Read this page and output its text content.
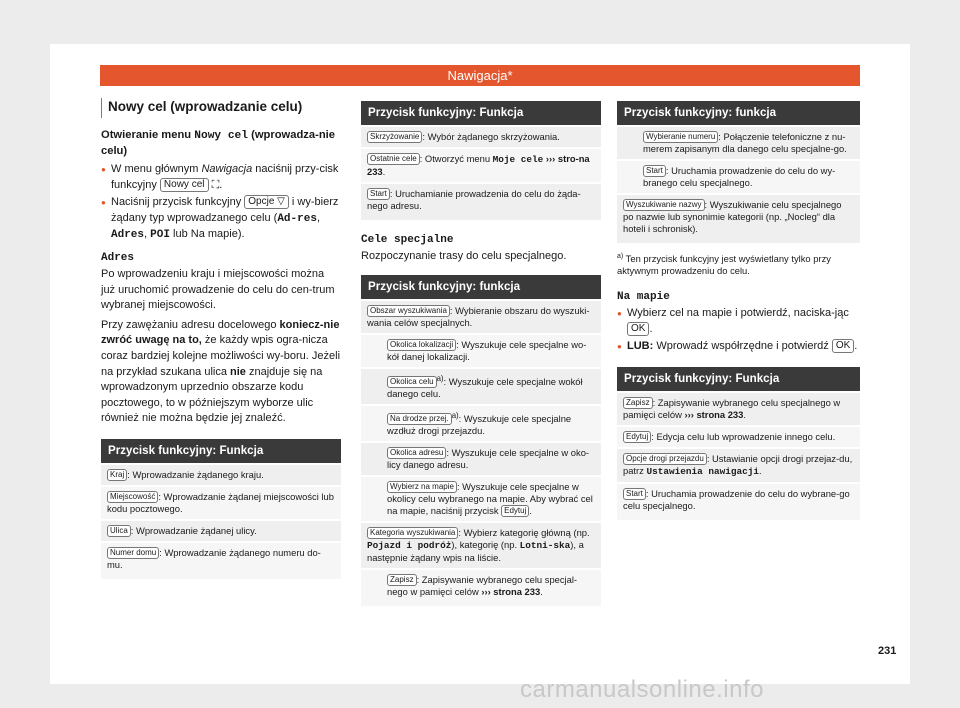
Nawigacja*
Nowy cel (wprowadzanie celu)
Otwieranie menu Nowy cel (wprowadza-nie celu)

● W menu głównym Nawigacja naciśnij przy-cisk funkcyjny Nowy cel ⛶.

● Naciśnij przycisk funkcyjny Opcje ▽ i wy-bierz żądany typ wprowadzanego celu (Ad-res, Adres, POI lub Na mapie).

Adres

Po wprowadzeniu kraju i miejscowości można już uruchomić prowadzenie do celu do cen-trum wybranej miejscowości.

Przy zawężaniu adresu docelowego koniecz-nie zwróć uwagę na to, że każdy wpis ogra-nicza coraz bardziej kolejne możliwości wy-boru. Jeżeli na przykład szukana ulica nie znajduje się na wprowadzonym uprzednio obszarze kodu pocztowego, to w późniejszym wyborze ulic również nie można będzie jej znaleźć.

Przycisk funkcyjny: Funkcja
Kraj : Wprowadzanie żądanego kraju.
Miejscowość : Wprowadzanie żądanej miejscowości lub kodu pocztowego.
Ulica : Wprowadzanie żądanej ulicy.
Numer domu : Wprowadzanie żądanego numeru do-mu.
Przycisk funkcyjny: Funkcja
Skrzyżowanie : Wybór żądanego skrzyżowania.
Ostatnie cele : Otworzyć menu Moje cele ››› stro-na 233.
Start : Uruchamianie prowadzenia do celu do żąda-nego adresu.
Cele specjalne

Rozpoczynanie trasy do celu specjalnego.

Przycisk funkcyjny: funkcja
Obszar wyszukiwania : Wybieranie obszaru do wyszuki-wania celów specjalnych.
Okolica lokalizacji : Wyszukuje cele specjalne wo-kół danej lokalizacji.
Okolica celu $^{a)}$: Wyszukuje cele specjalne wokół danego celu.
Na drodze przej. $^{a)}$: Wyszukuje cele specjalne wzdłuż drogi przejazdu.
Okolica adresu : Wyszukuje cele specjalne w oko-licy danego adresu.
Wybierz na mapie : Wyszukuje cele specjalne w okolicy celu wybranego na mapie. Aby wybrać cel na mapie, naciśnij przycisk Edytuj .
Kategoria wyszukiwania : Wybierz kategorię główną (np. Pojazd i podróż), kategorię (np. Lotni-ska), a następnie żądany wpis na liście.
Zapisz : Zapisywanie wybranego celu specjal-nego w pamięci celów ››› strona 233.
Przycisk funkcyjny: funkcja
Wybieranie numeru : Połączenie telefoniczne z nu-merem zapisanym dla danego celu specjalne-go.
Start : Uruchamia prowadzenie do celu do wy-branego celu specjalnego.
Wyszukiwanie nazwy : Wyszukiwanie celu specjalnego po nazwie lub synonimie kategorii (np. „Nocleg“ dla hoteli i schronisk).

$^{a)}$ Ten przycisk funkcyjny jest wyświetlany tylko przy aktywnym prowadzeniu do celu.

Na mapie

● Wybierz cel na mapie i potwierdź, naciska-jąc OK .

● LUB: Wprowadź współrzędne i potwierdź OK .

Przycisk funkcyjny: Funkcja
Zapisz : Zapisywanie wybranego celu specjalnego w pamięci celów ››› strona 233.
Edytuj : Edycja celu lub wprowadzenie innego celu.
Opcje drogi przejazdu : Ustawianie opcji drogi przejaz-du, patrz Ustawienia nawigacji.
Start : Uruchamia prowadzenie do celu do wybrane-go celu specjalnego.
231
carmanualsonline.info
